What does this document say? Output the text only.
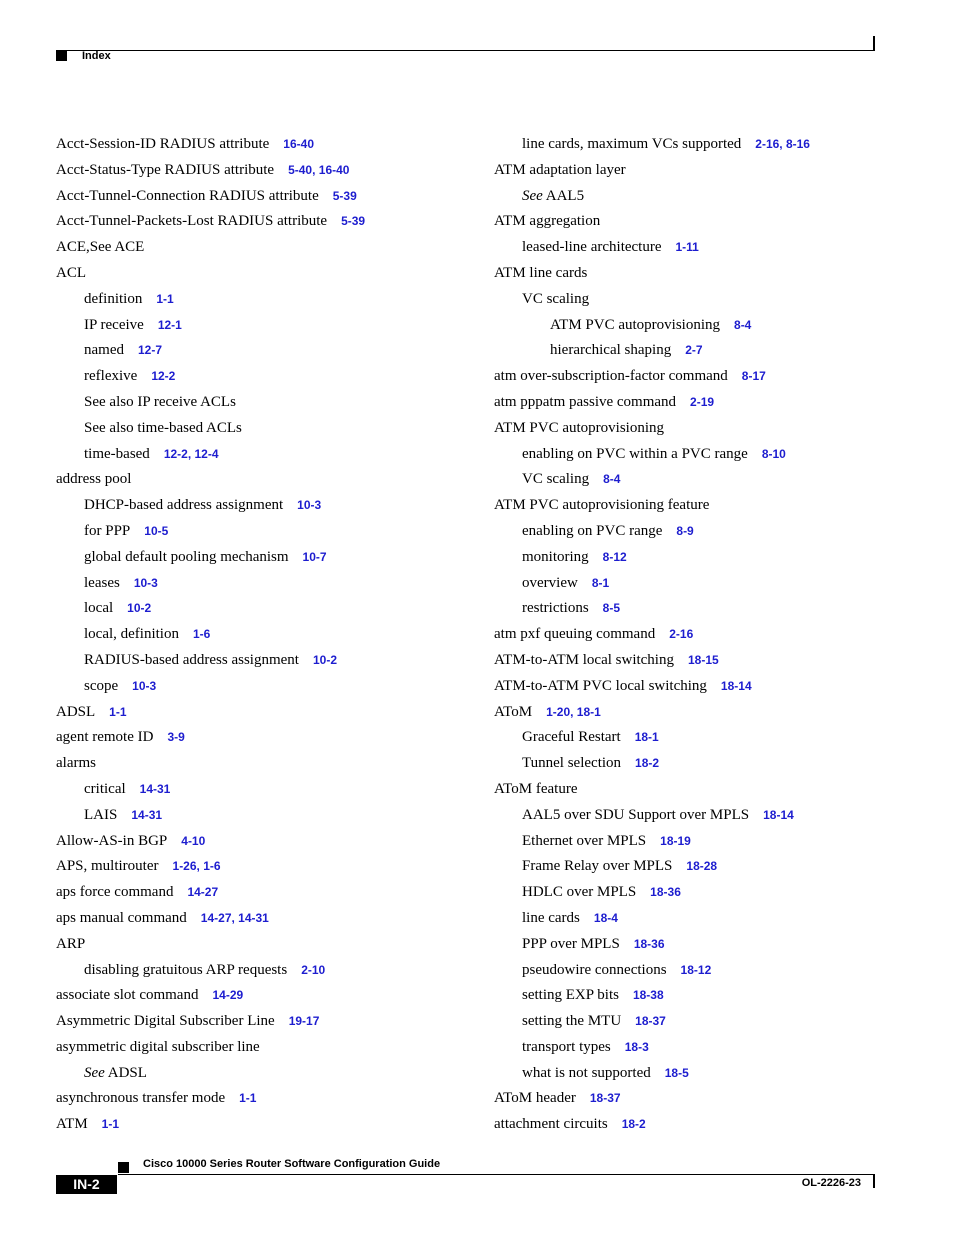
Index
Acct-Session-ID RADIUS attribute 16-40
Acct-Status-Type RADIUS attribute 5-40, 16-40
Acct-Tunnel-Connection RADIUS attribute 5-39
Acct-Tunnel-Packets-Lost RADIUS attribute 5-39
ACE,See ACE
ACL
definition 1-1
IP receive 12-1
named 12-7
reflexive 12-2
See also IP receive ACLs
See also time-based ACLs
time-based 12-2, 12-4
address pool
DHCP-based address assignment 10-3
for PPP 10-5
global default pooling mechanism 10-7
leases 10-3
local 10-2
local, definition 1-6
RADIUS-based address assignment 10-2
scope 10-3
ADSL 1-1
agent remote ID 3-9
alarms
critical 14-31
LAIS 14-31
Allow-AS-in BGP 4-10
APS, multirouter 1-26, 1-6
aps force command 14-27
aps manual command 14-27, 14-31
ARP
disabling gratuitous ARP requests 2-10
associate slot command 14-29
Asymmetric Digital Subscriber Line 19-17
asymmetric digital subscriber line
See ADSL
asynchronous transfer mode 1-1
ATM 1-1
line cards, maximum VCs supported 2-16, 8-16
ATM adaptation layer
See AAL5
ATM aggregation
leased-line architecture 1-11
ATM line cards
VC scaling
ATM PVC autoprovisioning 8-4
hierarchical shaping 2-7
atm over-subscription-factor command 8-17
atm pppatm passive command 2-19
ATM PVC autoprovisioning
enabling on PVC within a PVC range 8-10
VC scaling 8-4
ATM PVC autoprovisioning feature
enabling on PVC range 8-9
monitoring 8-12
overview 8-1
restrictions 8-5
atm pxf queuing command 2-16
ATM-to-ATM local switching 18-15
ATM-to-ATM PVC local switching 18-14
AToM 1-20, 18-1
Graceful Restart 18-1
Tunnel selection 18-2
AToM feature
AAL5 over SDU Support over MPLS 18-14
Ethernet over MPLS 18-19
Frame Relay over MPLS 18-28
HDLC over MPLS 18-36
line cards 18-4
PPP over MPLS 18-36
pseudowire connections 18-12
setting EXP bits 18-38
setting the MTU 18-37
transport types 18-3
what is not supported 18-5
AToM header 18-37
attachment circuits 18-2
Cisco 10000 Series Router Software Configuration Guide
IN-2	OL-2226-23
